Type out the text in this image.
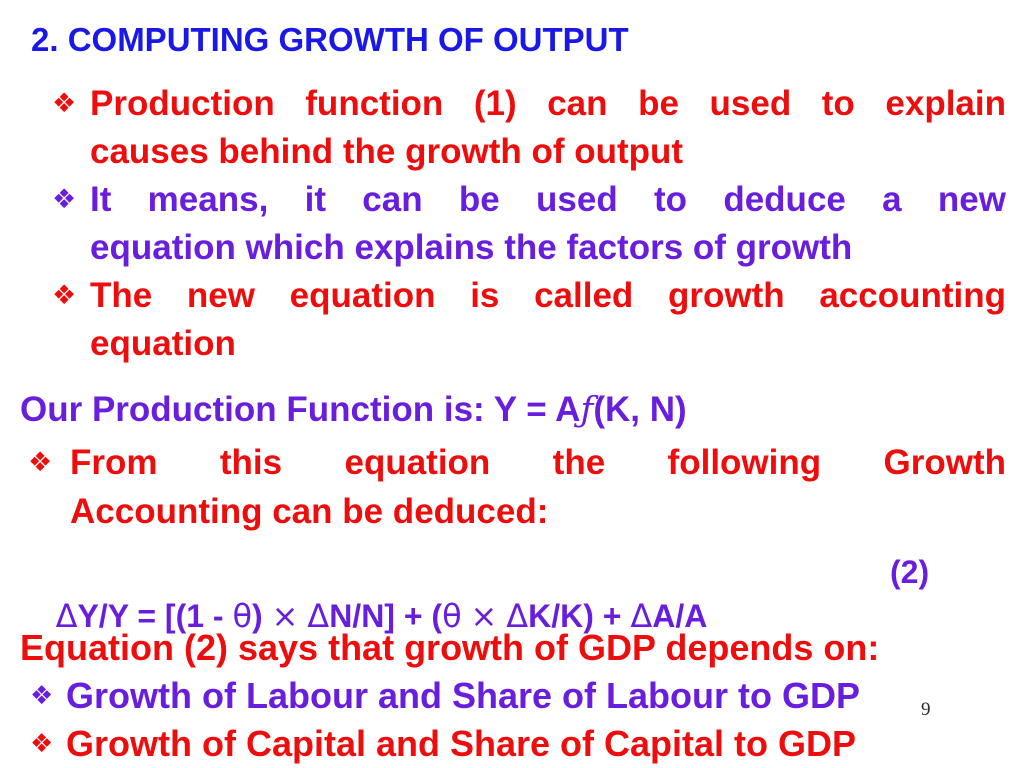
2. COMPUTING GROWTH OF OUTPUT
❖ Production function (1) can be used to explain
causes behind the growth of output
❖ It means, it can be used to deduce a new
equation which explains the factors of growth
❖ The new equation is called growth accounting
equation
Our Production Function is: Y = Aƒ(K, N)
❖ From this equation the following Growth
Accounting can be deduced:

ΔY/Y = [(1 - θ) × ΔN/N] + (θ × ΔK/K) + ΔA/A

(2)

Equation (2) says that growth of GDP depends on:
❖ Growth of Labour and Share of Labour to GDP
❖ Growth of Capital and Share of Capital to GDP
9
